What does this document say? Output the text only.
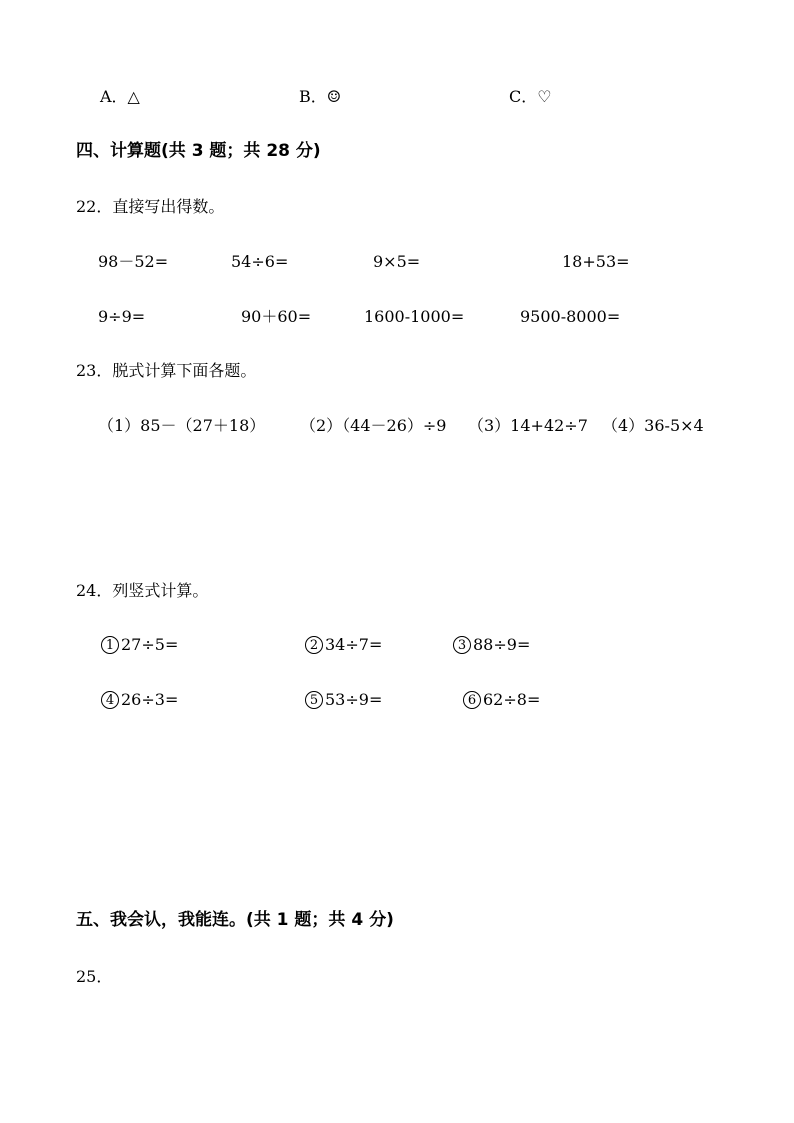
A．△	B．☺	C．♡
四、计算题(共 3 题；共 28 分)
22．直接写出得数。
98－52=	54÷6=	9×5=	18+53=
9÷9=	90＋60=	1600-1000=	9500-8000=
23．脱式计算下面各题。
（1）85－（27＋18） （2）（44－26）÷9 （3）14+42÷7 （4）36-5×4
24．列竖式计算。
1 27÷5=	2 34÷7=	3 88÷9=
4 26÷3=	5 53÷9=	6 62÷8=
五、我会认，我能连。(共 1 题；共 4 分)
25．
